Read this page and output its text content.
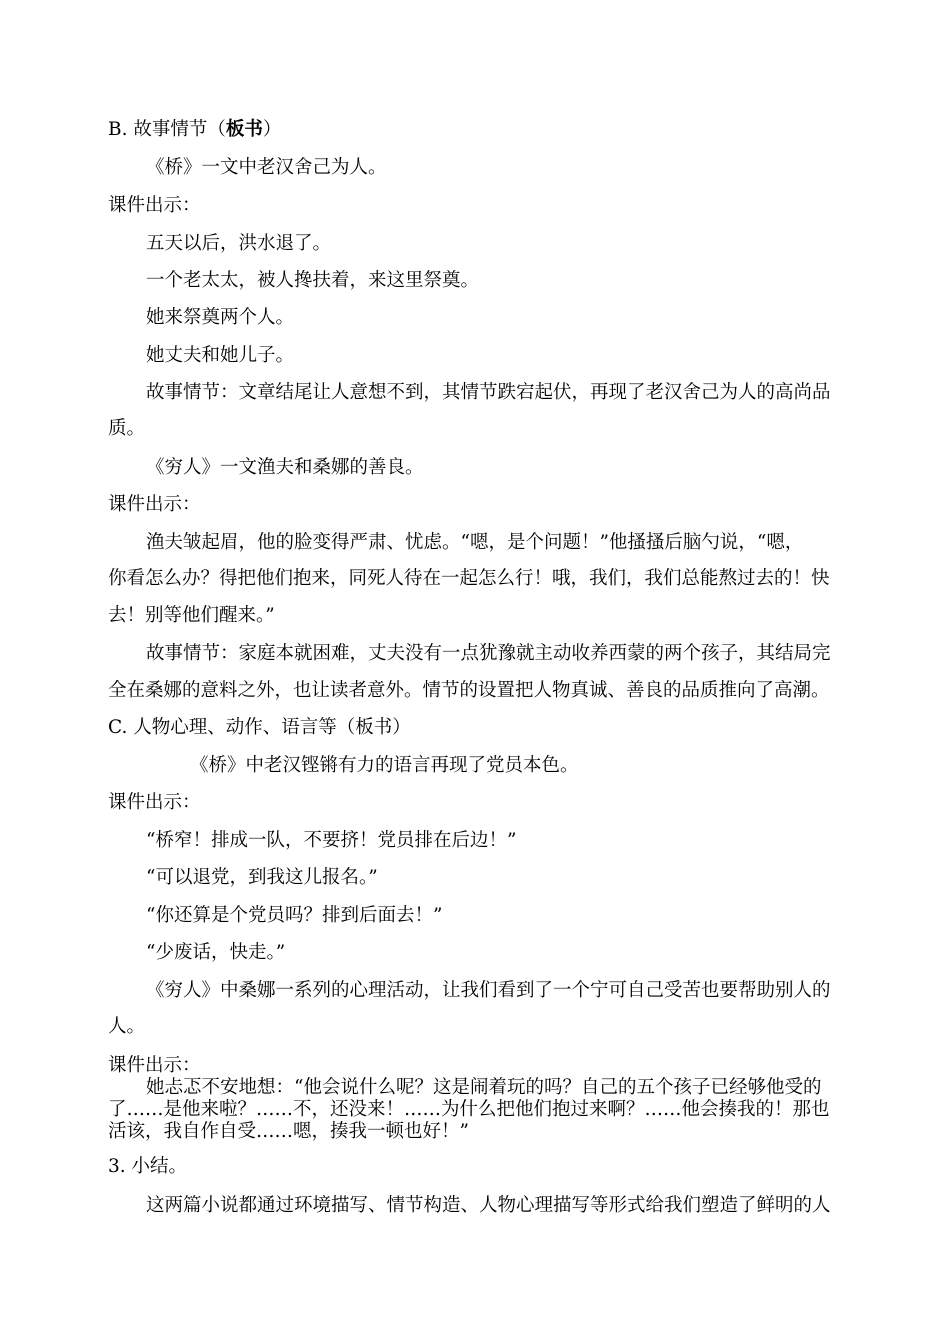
B. 故事情节（板书）

《桥》一文中老汉舍己为人。

课件出示：

五天以后，洪水退了。

一个老太太，被人搀扶着，来这里祭奠。

她来祭奠两个人。

她丈夫和她儿子。

故事情节：文章结尾让人意想不到，其情节跌宕起伏，再现了老汉舍己为人的高尚品

质。

《穷人》一文渔夫和桑娜的善良。

课件出示：

渔夫皱起眉，他的脸变得严肃、忧虑。“嗯，是个问题！”他搔搔后脑勺说，“嗯，

你看怎么办？得把他们抱来，同死人待在一起怎么行！哦，我们，我们总能熬过去的！快

去！别等他们醒来。”

故事情节：家庭本就困难，丈夫没有一点犹豫就主动收养西蒙的两个孩子，其结局完

全在桑娜的意料之外，也让读者意外。情节的设置把人物真诚、善良的品质推向了高潮。

C. 人物心理、动作、语言等（板书）

《桥》中老汉铿锵有力的语言再现了党员本色。

课件出示：

“桥窄！排成一队，不要挤！党员排在后边！”

“可以退党，到我这儿报名。”

“你还算是个党员吗？排到后面去！”

“少废话，快走。”

《穷人》中桑娜一系列的心理活动，让我们看到了一个宁可自己受苦也要帮助别人的

人。

课件出示：

她忐忑不安地想：“他会说什么呢？这是闹着玩的吗？自己的五个孩子已经够他受的

了……是他来啦？……不，还没来！……为什么把他们抱过来啊？……他会揍我的！那也

活该，我自作自受……嗯，揍我一顿也好！”

3. 小结。

这两篇小说都通过环境描写、情节构造、人物心理描写等形式给我们塑造了鲜明的人
